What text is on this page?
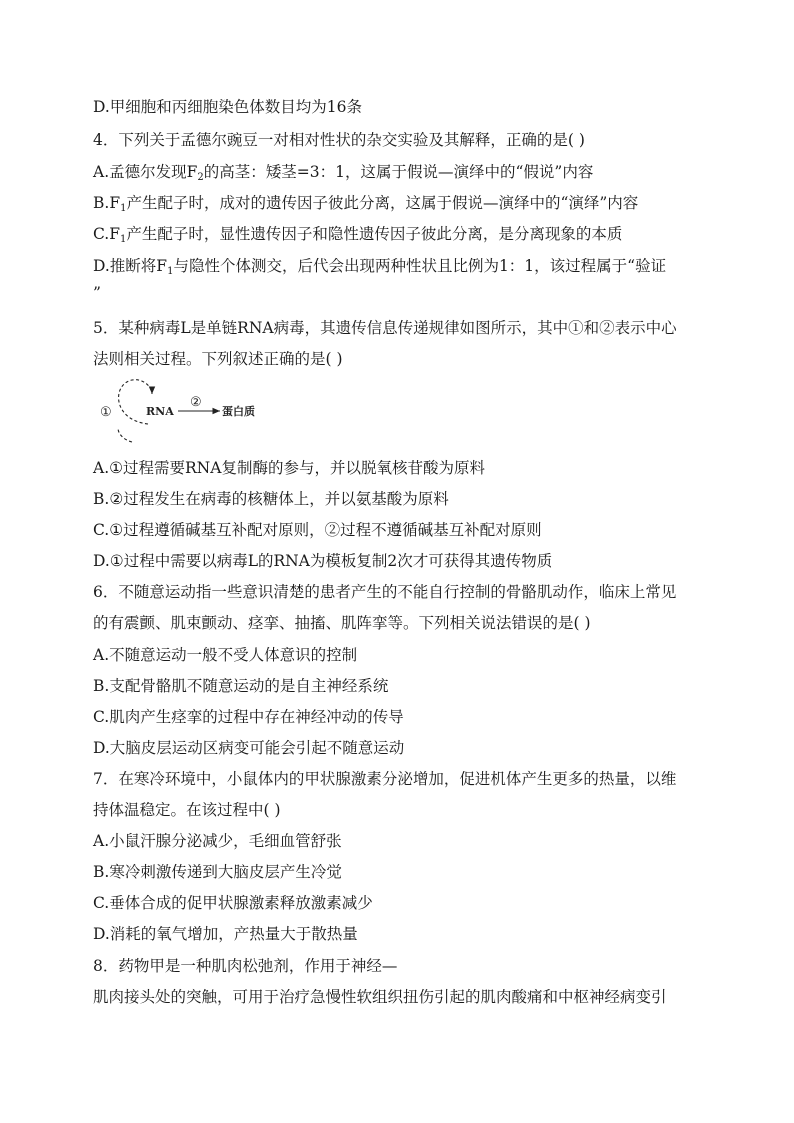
D.甲细胞和丙细胞染色体数目均为16条
4．下列关于孟德尔豌豆一对相对性状的杂交实验及其解释，正确的是( )
A.孟德尔发现$F_2$的高茎：矮茎=3：1，这属于假说—演绎中的“假说”内容
$B.F_1$产生配子时，成对的遗传因子彼此分离，这属于假说—演绎中的“演绎”内容
$C.F_1$产生配子时，显性遗传因子和隐性遗传因子彼此分离，是分离现象的本质
D.推断将$F_1$与隐性个体测交，后代会出现两种性状且比例为1：1，该过程属于“验证
”
5．某种病毒L是单链RNA病毒，其遗传信息传递规律如图所示，其中①和②表示中心
法则相关过程。下列叙述正确的是( )
①	RNA
②
蛋白质
A.①过程需要RNA复制酶的参与，并以脱氧核苷酸为原料
B.②过程发生在病毒的核糖体上，并以氨基酸为原料
C.①过程遵循碱基互补配对原则，②过程不遵循碱基互补配对原则
D.①过程中需要以病毒L的RNA为模板复制2次才可获得其遗传物质
6．不随意运动指一些意识清楚的患者产生的不能自行控制的骨骼肌动作，临床上常见
的有震颤、肌束颤动、痉挛、抽搐、肌阵挛等。下列相关说法错误的是( )
A.不随意运动一般不受人体意识的控制
B.支配骨骼肌不随意运动的是自主神经系统
C.肌肉产生痉挛的过程中存在神经冲动的传导
D.大脑皮层运动区病变可能会引起不随意运动
7．在寒冷环境中，小鼠体内的甲状腺激素分泌增加，促进机体产生更多的热量，以维
持体温稳定。在该过程中( )
A.小鼠汗腺分泌减少，毛细血管舒张
B.寒冷刺激传递到大脑皮层产生冷觉
C.垂体合成的促甲状腺激素释放激素减少
D.消耗的氧气增加，产热量大于散热量
8．药物甲是一种肌肉松弛剂，作用于神经—
肌肉接头处的突触，可用于治疗急慢性软组织扭伤引起的肌肉酸痛和中枢神经病变引
